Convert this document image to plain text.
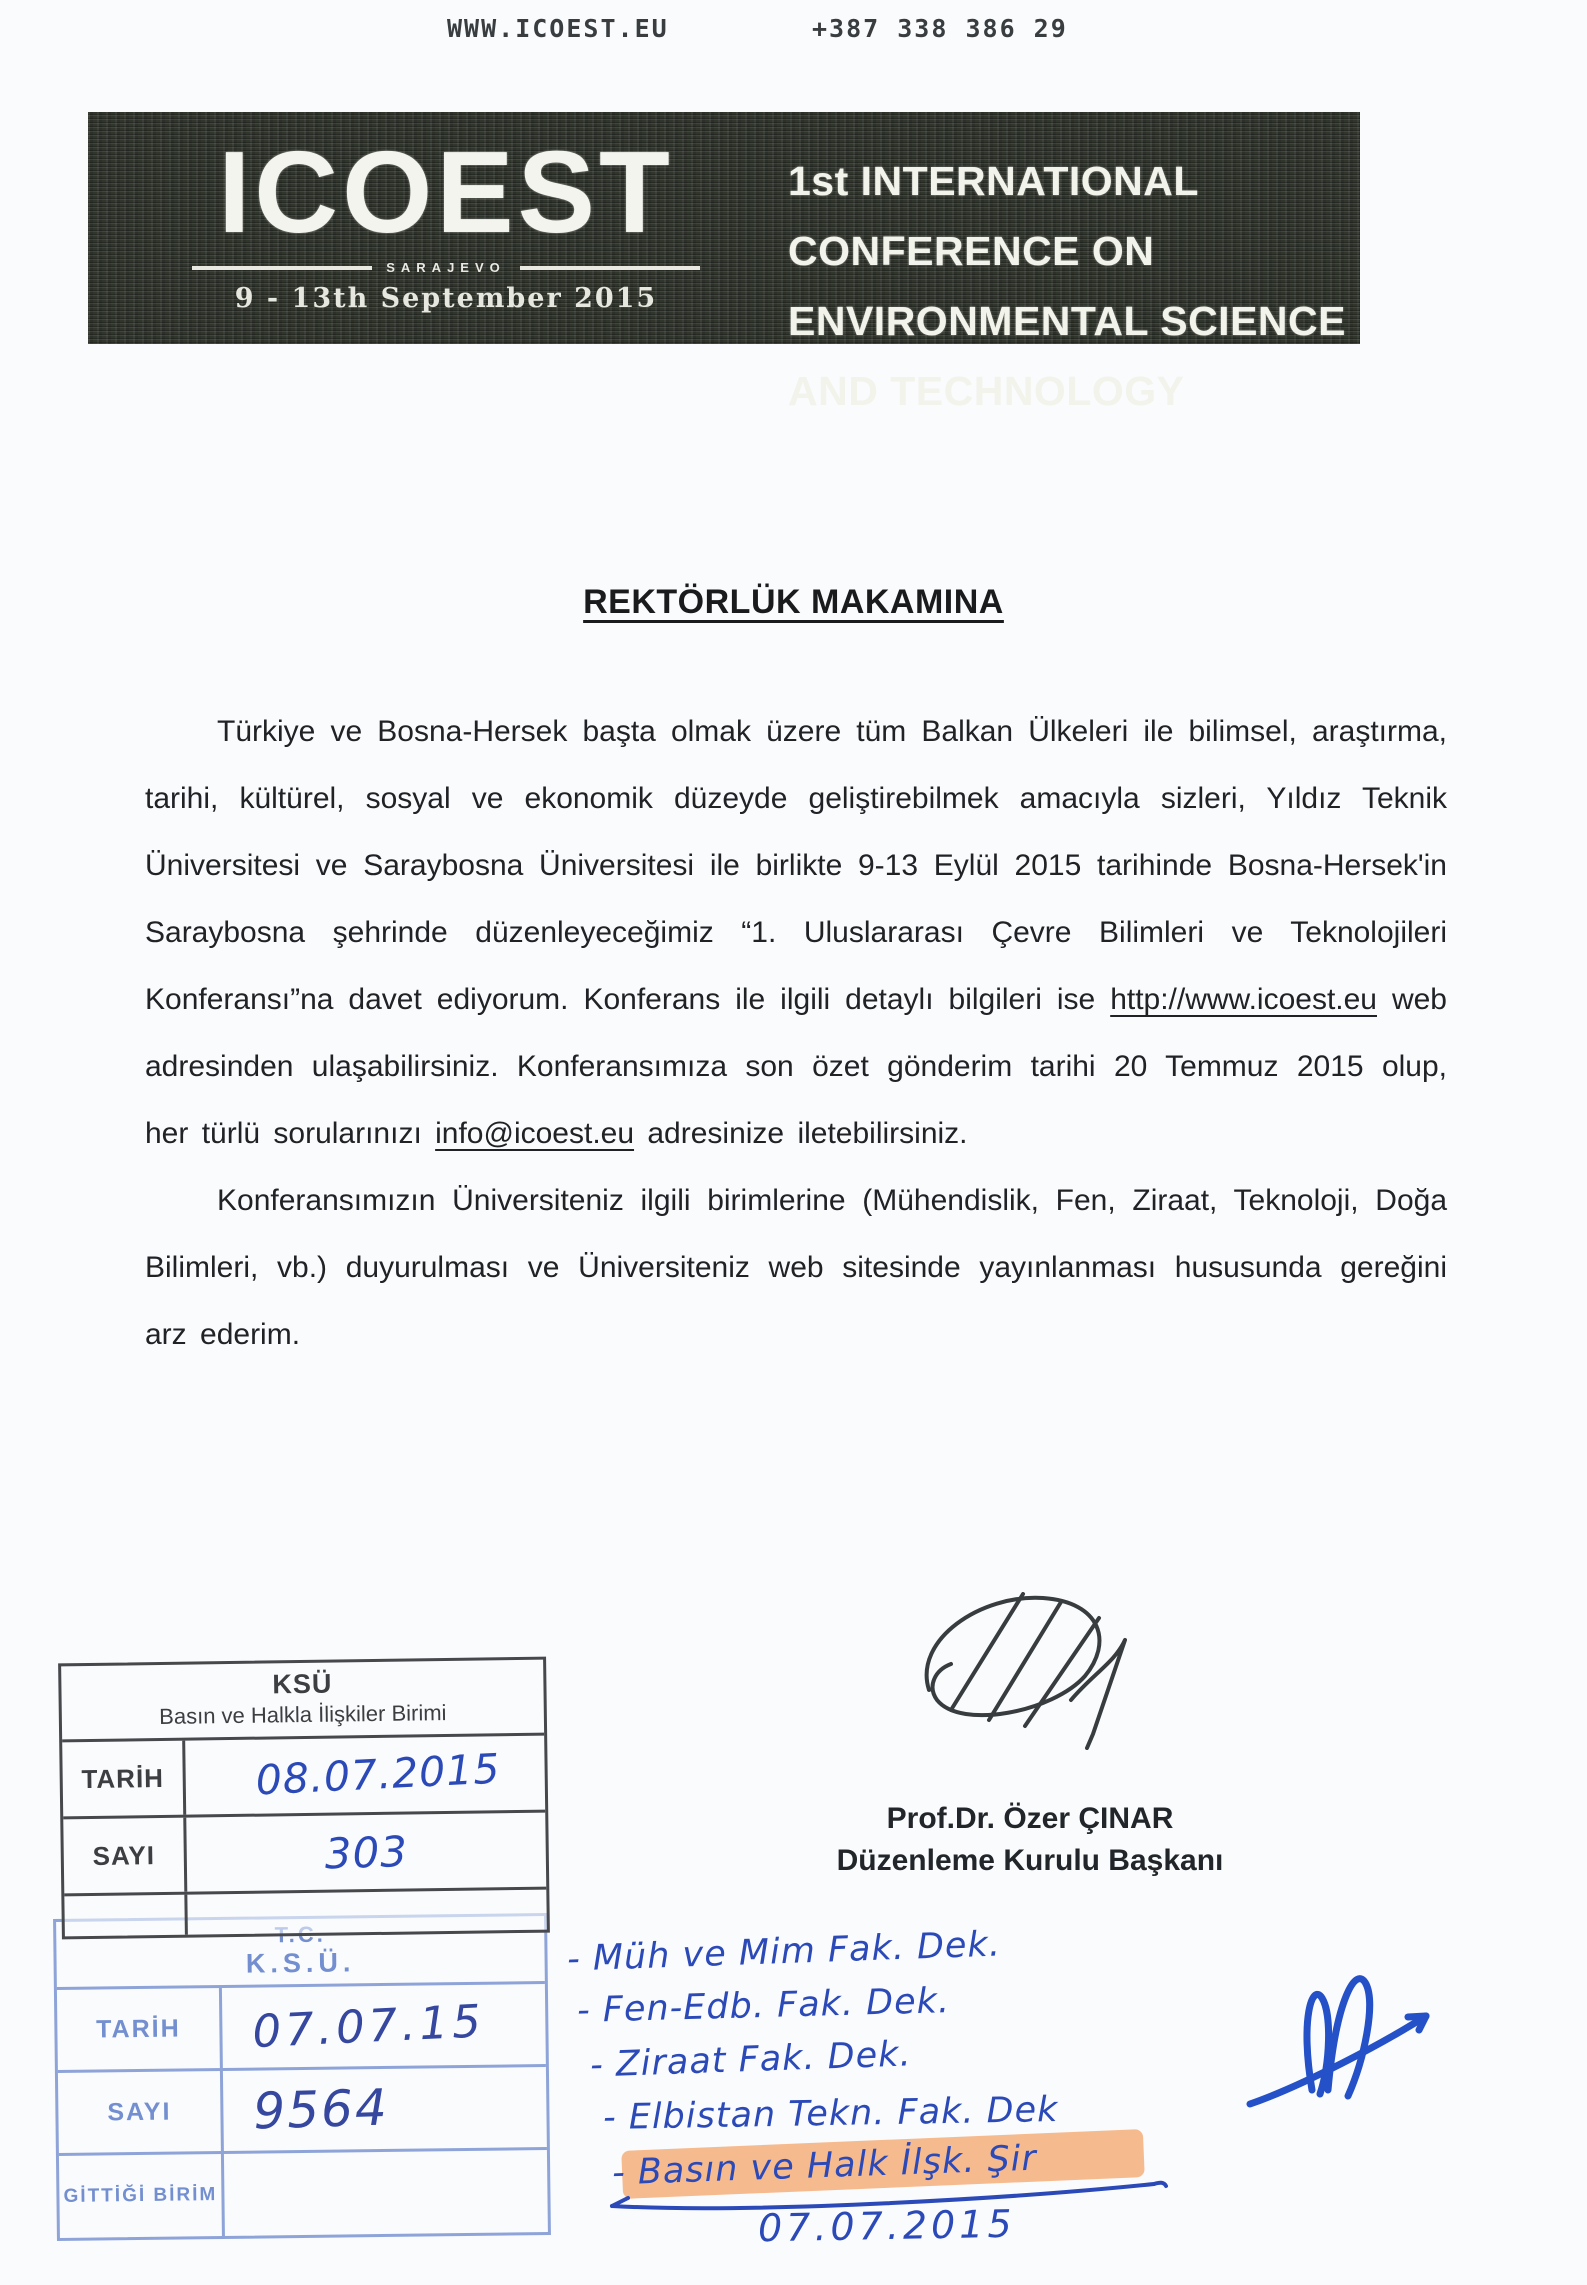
WWW.ICOEST.EU	+387 338 386 29
ICOEST
SARAJEVO
9 - 13th September 2015
1st INTERNATIONAL CONFERENCE ON
ENVIRONMENTAL SCIENCE AND TECHNOLOGY
REKTÖRLÜK MAKAMINA

Türkiye ve Bosna-Hersek başta olmak üzere tüm Balkan Ülkeleri ile bilimsel, araştırma, tarihi, kültürel, sosyal ve ekonomik düzeyde geliştirebilmek amacıyla sizleri, Yıldız Teknik Üniversitesi ve Saraybosna Üniversitesi ile birlikte 9-13 Eylül 2015 tarihinde Bosna-Hersek'in Saraybosna şehrinde düzenleyeceğimiz “1. Uluslararası Çevre Bilimleri ve Teknolojileri Konferansı”na davet ediyorum. Konferans ile ilgili detaylı bilgileri ise http://www.icoest.eu web adresinden ulaşabilirsiniz. Konferansımıza son özet gönderim tarihi 20 Temmuz 2015 olup, her türlü sorularınızı info@icoest.eu adresinize iletebilirsiniz.

Konferansımızın Üniversiteniz ilgili birimlerine (Mühendislik, Fen, Ziraat, Teknoloji, Doğa Bilimleri, vb.) duyurulması ve Üniversiteniz web sitesinde yayınlanması hususunda gereğini arz ederim.

Prof.Dr. Özer ÇINAR
Düzenleme Kurulu Başkanı
K.S.Ü.
TARİH	07.07.15
SAYI	9564
GİTTİĞİ BİRİM
KSÜ
Basın ve Halkla İlişkiler Birimi
TARİH	08.07.2015
SAYI	303
- Müh ve Mim Fak. Dek.
- Fen-Edb. Fak. Dek.
- Ziraat Fak. Dek.
- Elbistan Tekn. Fak. Dek
- Basın ve Halk İlşk. Şir
07.07.2015
